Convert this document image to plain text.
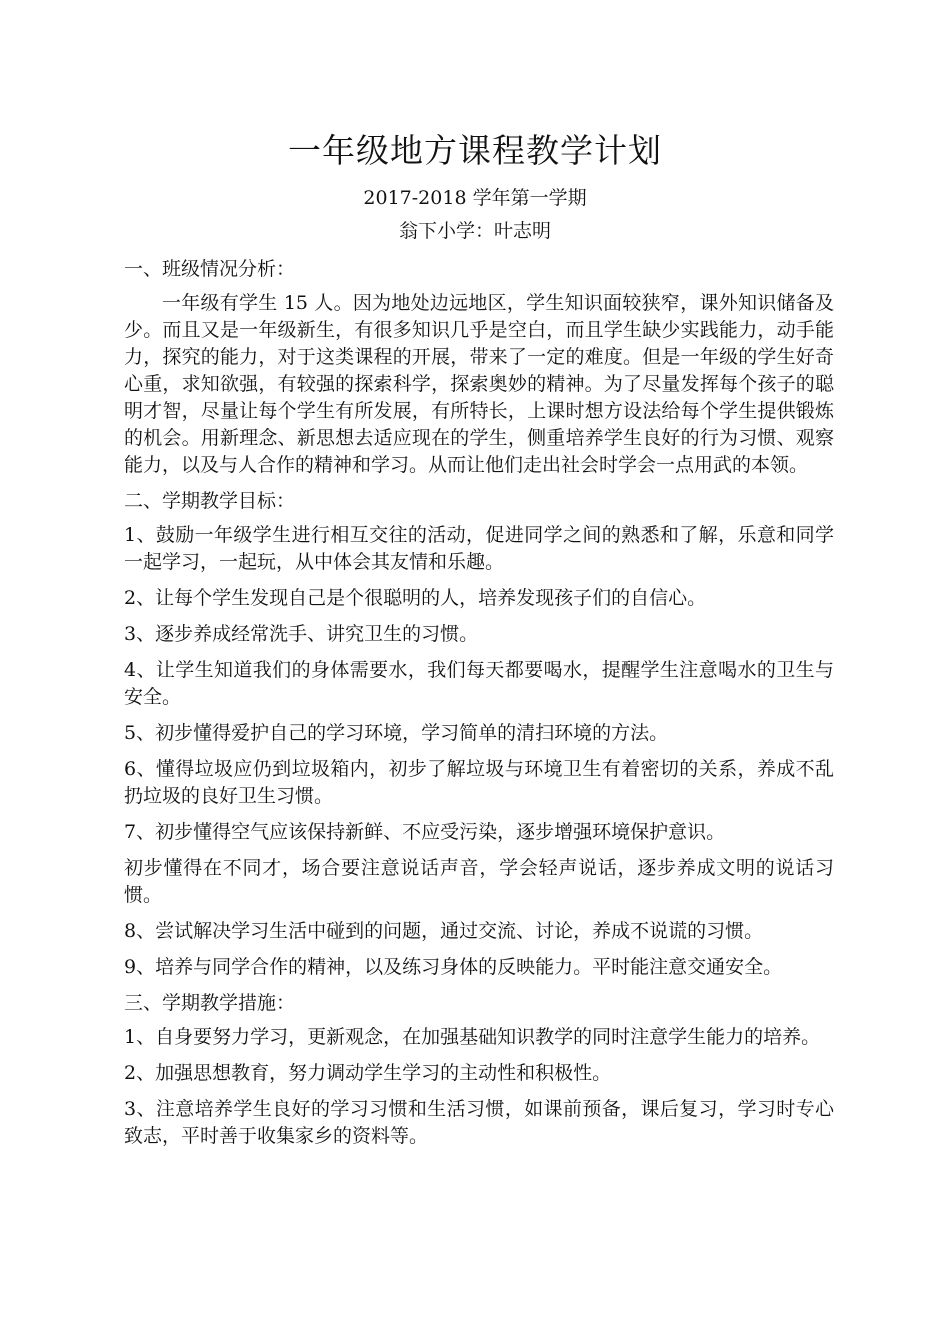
一年级地方课程教学计划
2017-2018 学年第一学期
翁下小学：叶志明

一、班级情况分析：

一年级有学生 15 人。因为地处边远地区，学生知识面较狭窄，课外知识储备及少。而且又是一年级新生，有很多知识几乎是空白，而且学生缺少实践能力，动手能力，探究的能力，对于这类课程的开展，带来了一定的难度。但是一年级的学生好奇心重，求知欲强，有较强的探索科学，探索奥妙的精神。为了尽量发挥每个孩子的聪明才智，尽量让每个学生有所发展，有所特长，上课时想方设法给每个学生提供锻炼的机会。用新理念、新思想去适应现在的学生，侧重培养学生良好的行为习惯、观察能力，以及与人合作的精神和学习。从而让他们走出社会时学会一点用武的本领。

二、学期教学目标：

1、鼓励一年级学生进行相互交往的活动，促进同学之间的熟悉和了解，乐意和同学一起学习，一起玩，从中体会其友情和乐趣。

2、让每个学生发现自己是个很聪明的人，培养发现孩子们的自信心。

3、逐步养成经常洗手、讲究卫生的习惯。

4、让学生知道我们的身体需要水，我们每天都要喝水，提醒学生注意喝水的卫生与安全。

5、初步懂得爱护自己的学习环境，学习简单的清扫环境的方法。

6、懂得垃圾应仍到垃圾箱内，初步了解垃圾与环境卫生有着密切的关系，养成不乱扔垃圾的良好卫生习惯。

7、初步懂得空气应该保持新鲜、不应受污染，逐步增强环境保护意识。

初步懂得在不同才，场合要注意说话声音，学会轻声说话，逐步养成文明的说话习惯。

8、尝试解决学习生活中碰到的问题，通过交流、讨论，养成不说谎的习惯。

9、培养与同学合作的精神，以及练习身体的反映能力。平时能注意交通安全。

三、学期教学措施：

1、自身要努力学习，更新观念，在加强基础知识教学的同时注意学生能力的培养。

2、加强思想教育，努力调动学生学习的主动性和积极性。

3、注意培养学生良好的学习习惯和生活习惯，如课前预备，课后复习，学习时专心致志，平时善于收集家乡的资料等。
